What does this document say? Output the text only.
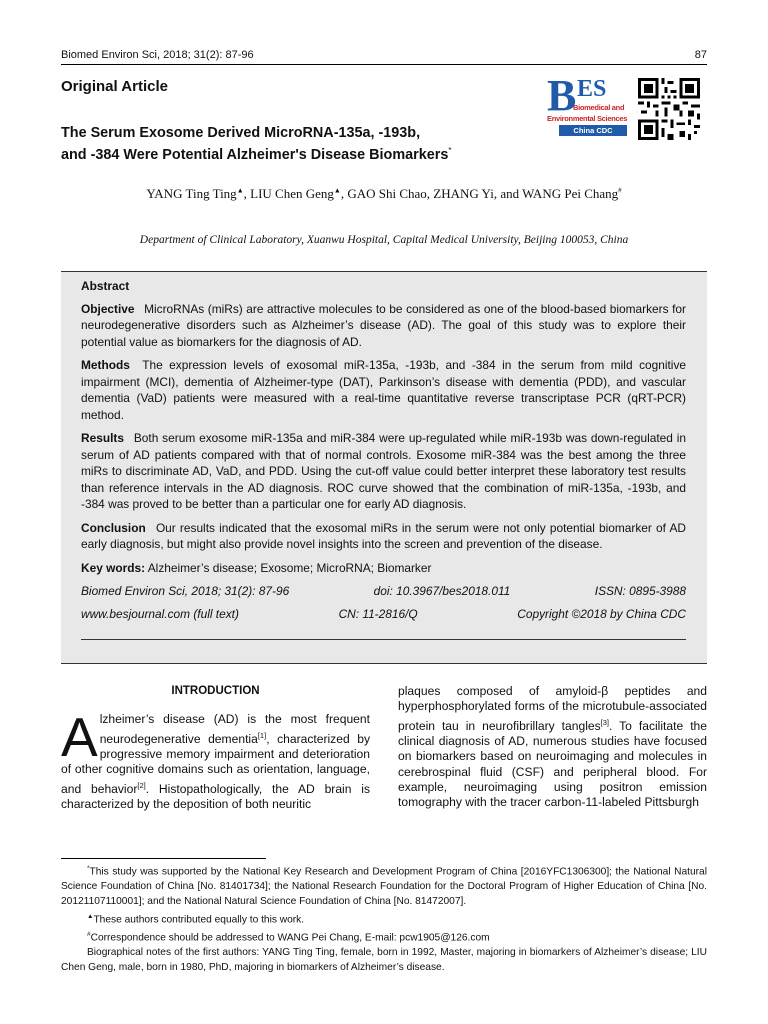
Biomed Environ Sci, 2018; 31(2): 87-96	87
Original Article
The Serum Exosome Derived MicroRNA-135a, -193b,
and -384 Were Potential Alzheimer's Disease Biomarkers*
B ES
Biomedical and
Environmental Sciences
China CDC
YANG Ting Ting▲, LIU Chen Geng▲, GAO Shi Chao, ZHANG Yi, and WANG Pei Chang#
Department of Clinical Laboratory, Xuanwu Hospital, Capital Medical University, Beijing 100053, China
Abstract

Objective MicroRNAs (miRs) are attractive molecules to be considered as one of the blood-based biomarkers for neurodegenerative disorders such as Alzheimer’s disease (AD). The goal of this study was to explore their potential value as biomarkers for the diagnosis of AD.

Methods The expression levels of exosomal miR-135a, -193b, and -384 in the serum from mild cognitive impairment (MCI), dementia of Alzheimer-type (DAT), Parkinson’s disease with dementia (PDD), and vascular dementia (VaD) patients were measured with a real-time quantitative reverse transcriptase PCR (qRT-PCR) method.

Results Both serum exosome miR-135a and miR-384 were up-regulated while miR-193b was down-regulated in serum of AD patients compared with that of normal controls. Exosome miR-384 was the best among the three miRs to discriminate AD, VaD, and PDD. Using the cut-off value could better interpret these laboratory test results than reference intervals in the AD diagnosis. ROC curve showed that the combination of miR-135a, -193b, and -384 was proved to be better than a particular one for early AD diagnosis.

Conclusion Our results indicated that the exosomal miRs in the serum were not only potential biomarker of AD early diagnosis, but might also provide novel insights into the screen and prevention of the disease.

Key words: Alzheimer’s disease; Exosome; MicroRNA; Biomarker

Biomed Environ Sci, 2018; 31(2): 87-96	doi: 10.3967/bes2018.011	ISSN: 0895-3988
www.besjournal.com (full text)	CN: 11-2816/Q	Copyright ©2018 by China CDC
INTRODUCTION

Alzheimer’s disease (AD) is the most frequent neurodegenerative dementia[1], characterized by progressive memory impairment and deterioration of other cognitive domains such as orientation, language, and behavior[2]. Histopathologically, the AD brain is characterized by the deposition of both neuritic

plaques composed of amyloid-β peptides and hyperphosphorylated forms of the microtubule-associated protein tau in neurofibrillary tangles[3]. To facilitate the clinical diagnosis of AD, numerous studies have focused on biomarkers based on neuroimaging and molecules in cerebrospinal fluid (CSF) and peripheral blood. For example, neuroimaging using positron emission tomography with the tracer carbon-11-labeled Pittsburgh

*This study was supported by the National Key Research and Development Program of China [2016YFC1306300]; the National Natural Science Foundation of China [No. 81401734]; the National Research Foundation for the Doctoral Program of Higher Education of China [No. 20121107110001]; and the National Natural Science Foundation of China [No. 81472007].

▲These authors contributed equally to this work.

#Correspondence should be addressed to WANG Pei Chang, E-mail: pcw1905@126.com

Biographical notes of the first authors: YANG Ting Ting, female, born in 1992, Master, majoring in biomarkers of Alzheimer’s disease; LIU Chen Geng, male, born in 1980, PhD, majoring in biomarkers of Alzheimer’s disease.
